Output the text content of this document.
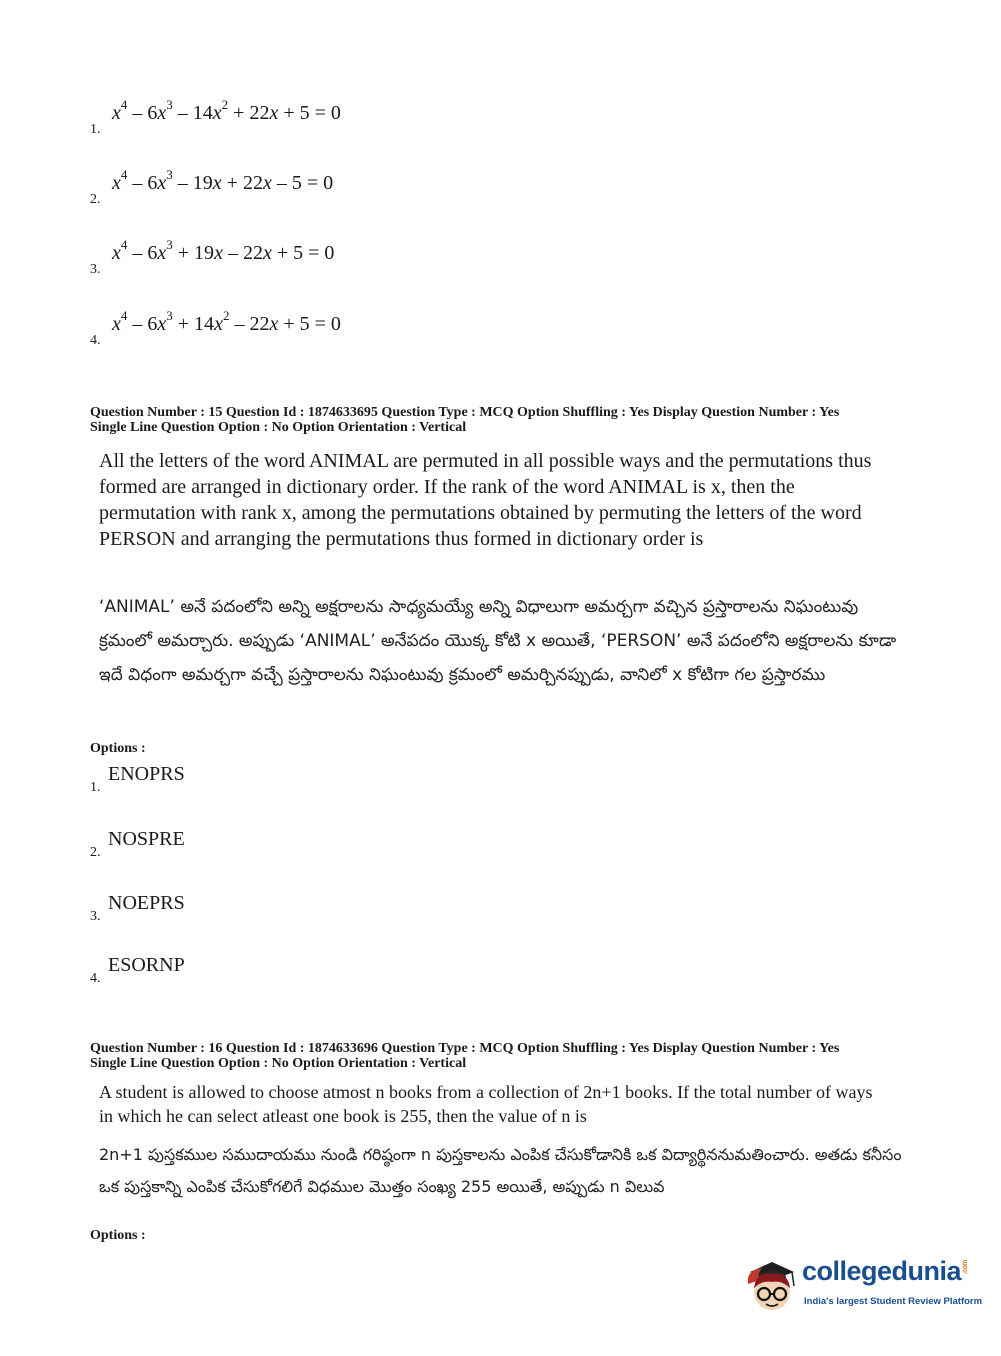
1.
$x^4 - 6x^3 - 14x^2 + 22x + 5 = 0$
2.
$x^4 - 6x^3 - 19x + 22x - 5 = 0$
3.
$x^4 - 6x^3 + 19x - 22x + 5 = 0$
4.
$x^4 - 6x^3 + 14x^2 - 22x + 5 = 0$
Question Number : 15 Question Id : 1874633695 Question Type : MCQ Option Shuffling : Yes Display Question Number : Yes
Single Line Question Option : No Option Orientation : Vertical
All the letters of the word ANIMAL are permuted in all possible ways and the permutations thus formed are arranged in dictionary order. If the rank of the word ANIMAL is x, then the permutation with rank x, among the permutations obtained by permuting the letters of the word PERSON and arranging the permutations thus formed in dictionary order is
‘ANIMAL’ అనే పదంలోని అన్ని అక్షరాలను సాధ్యమయ్యే అన్ని విధాలుగా అమర్చగా వచ్చిన ప్రస్తారాలను నిఘంటువు క్రమంలో అమర్చారు. అప్పుడు ‘ANIMAL’ అనేపదం యొక్క కోటి x అయితే, ‘PERSON’ అనే పదంలోని అక్షరాలను కూడా ఇదే విధంగా అమర్చగా వచ్చే ప్రస్తారాలను నిఘంటువు క్రమంలో అమర్చినప్పుడు, వానిలో x కోటిగా గల ప్రస్తారము
Options :
1.
ENOPRS
2.
NOSPRE
3.
NOEPRS
4.
ESORNP
Question Number : 16 Question Id : 1874633696 Question Type : MCQ Option Shuffling : Yes Display Question Number : Yes
Single Line Question Option : No Option Orientation : Vertical
A student is allowed to choose atmost n books from a collection of 2n+1 books. If the total number of ways in which he can select atleast one book is 255, then the value of n is
2n+1 పుస్తకముల సముదాయము నుండి గరిష్ఠంగా n పుస్తకాలను ఎంపిక చేసుకోడానికి ఒక విద్యార్థిననుమతించారు. అతడు కనీసం ఒక పుస్తకాన్ని ఎంపిక చేసుకోగలిగే విధముల మొత్తం సంఖ్య 255 అయితే, అప్పుడు n విలువ
Options :
collegedunia.com
India's largest Student Review Platform
